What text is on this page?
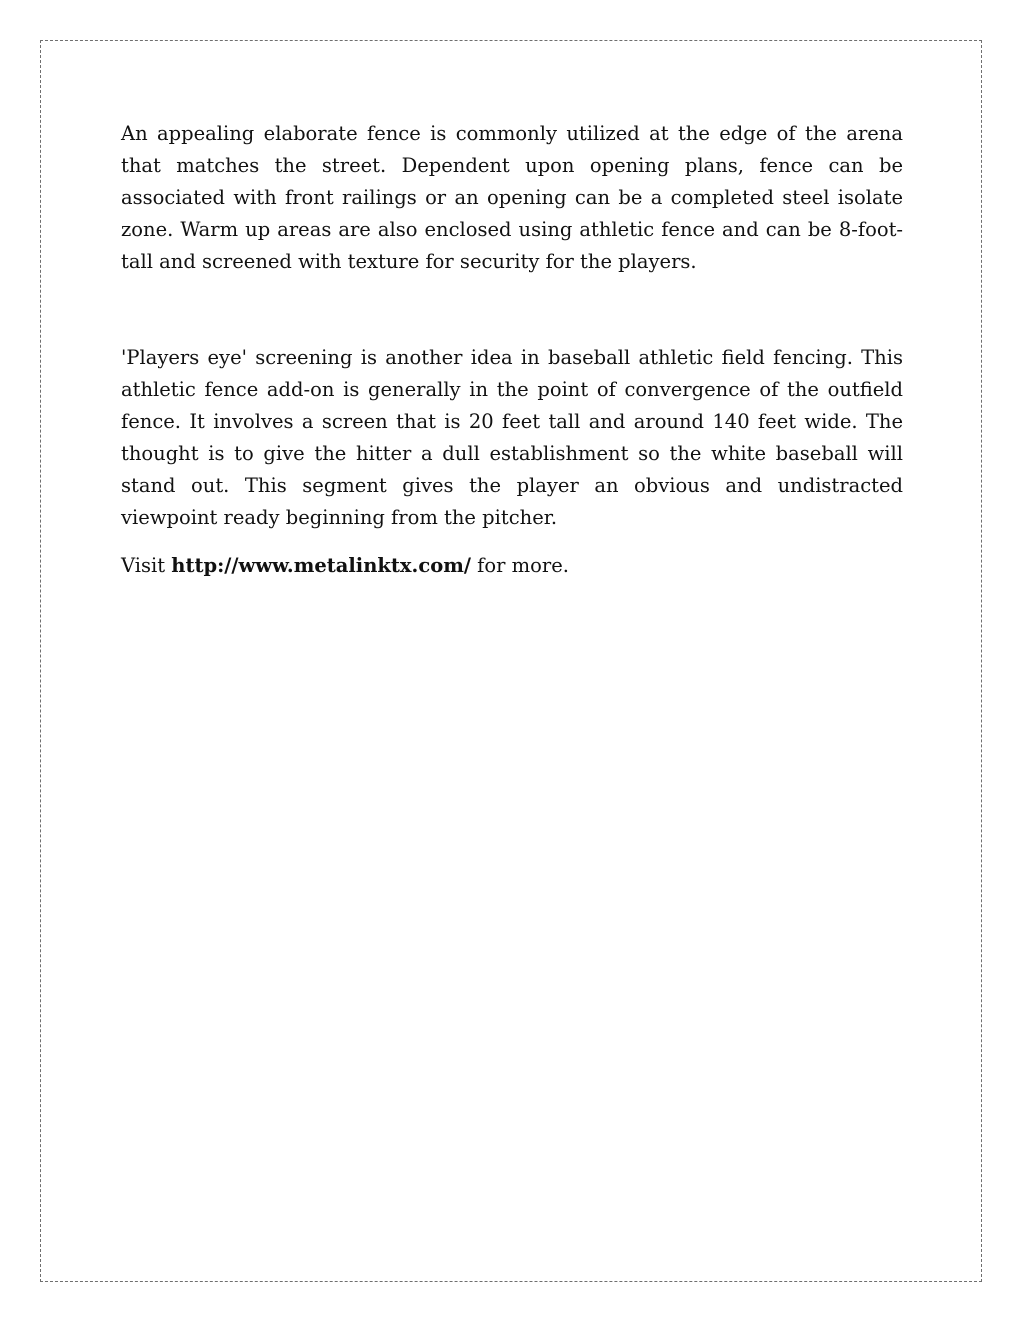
An appealing elaborate fence is commonly utilized at the edge of the arena that matches the street. Dependent upon opening plans, fence can be associated with front railings or an opening can be a completed steel isolate zone. Warm up areas are also enclosed using athletic fence and can be 8-foot-tall and screened with texture for security for the players.

'Players eye' screening is another idea in baseball athletic field fencing. This athletic fence add-on is generally in the point of convergence of the outfield fence. It involves a screen that is 20 feet tall and around 140 feet wide. The thought is to give the hitter a dull establishment so the white baseball will stand out. This segment gives the player an obvious and undistracted viewpoint ready beginning from the pitcher.

Visit http://www.metalinktx.com/ for more.
